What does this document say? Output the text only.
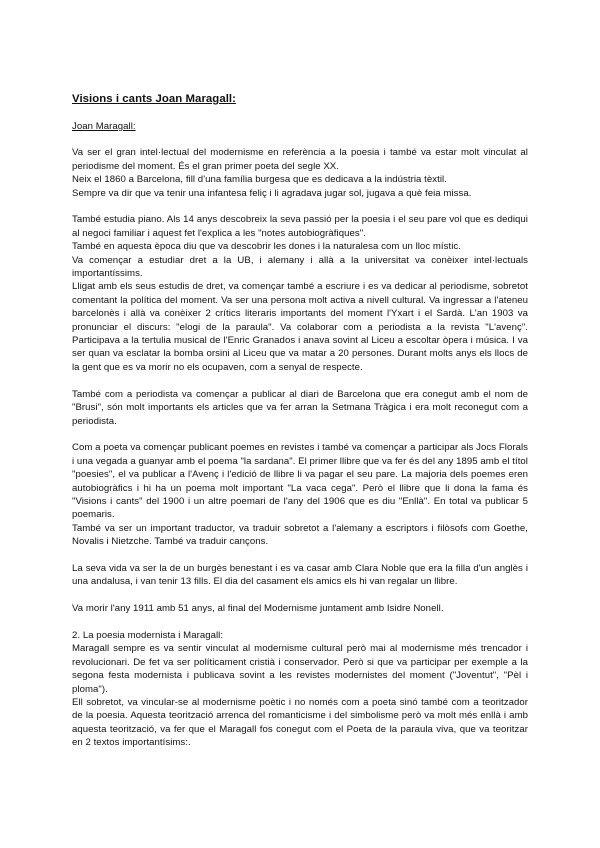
Visions i cants Joan Maragall:
Joan Maragall:

Va ser el gran intel·lectual del modernisme en referència a la poesia i també va estar molt vinculat al periodisme del moment. És el gran primer poeta del segle XX.

Neix el 1860 a Barcelona, fill d'una família burgesa que es dedicava a la indústria tèxtil.

Sempre va dir que va tenir una infantesa feliç i li agradava jugar sol, jugava a què feia missa.

També estudia piano. Als 14 anys descobreix la seva passió per la poesia i el seu pare vol que es dediqui al negoci familiar i aquest fet l'explica a les "notes autobiogràfiques".

També en aquesta època diu que va descobrir les dones i la naturalesa com un lloc místic.

Va començar a estudiar dret a la UB, i alemany i allà a la universitat va conèixer intel·lectuals importantíssims.

Lligat amb els seus estudis de dret, va començar també a escriure i es va dedicar al periodisme, sobretot comentant la política del moment. Va ser una persona molt activa a nivell cultural. Va ingressar a l'ateneu barcelonès i allà va conèixer 2 crítics literaris importants del moment l'Yxart i el Sardà. L'an 1903 va pronunciar el discurs: "elogi de la paraula". Va colaborar com a periodista a la revista "L'avenç". Participava a la tertulia musical de l'Enric Granados i anava sovint al Liceu a escoltar òpera i música. I va ser quan va esclatar la bomba orsini al Liceu que va matar a 20 persones. Durant molts anys els llocs de la gent que es va morir no els ocupaven, com a senyal de respecte.

També com a periodista va començar a publicar al diari de Barcelona que era conegut amb el nom de "Brusi", són molt importants els articles que va fer arran la Setmana Tràgica i era molt reconegut com a periodista.

Com a poeta va començar publicant poemes en revistes i també va començar a participar als Jocs Florals i una vegada a guanyar amb el poema "la sardana". El primer llibre que va fer és del any 1895 amb el títol "poesies", el va publicar a l'Avenç i l'edició de llibre li va pagar el seu pare. La majoria dels poemes eren autobiogràfics i hi ha un poema molt important "La vaca cega". Però el llibre que li dona la fama és "Visions i cants" del 1900 i un altre poemari de l'any del 1906 que es diu "Enllà". En total va publicar 5 poemaris.

També va ser un important traductor, va traduir sobretot a l'alemany a escriptors i filòsofs com Goethe, Novalis i Nietzche. També va traduir cançons.

La seva vida va ser la de un burgès benestant i es va casar amb Clara Noble que era la filla d'un anglès i una andalusa, i van tenir 13 fills. El dia del casament els amics els hi van regalar un llibre.

Va morir l'any 1911 amb 51 anys, al final del Modernisme juntament amb Isidre Nonell.

2. La poesia modernista i Maragall:

Maragall sempre es va sentir vinculat al modernisme cultural però mai al modernisme més trencador i revolucionari. De fet va ser políticament cristià i conservador. Però si que va participar per exemple a la segona festa modernista i publicava sovint a les revistes modernistes del moment ("Joventut", "Pèl i ploma").

Ell sobretot, va vincular-se al modernisme poètic i no només com a poeta sinó també com a teoritzador de la poesia. Aquesta teorització arrenca del romanticisme i del simbolisme però va molt més enllà i amb aquesta teorització, va fer que el Maragall fos conegut com el Poeta de la paraula viva, que va teoritzar en 2 textos importantísims:.
